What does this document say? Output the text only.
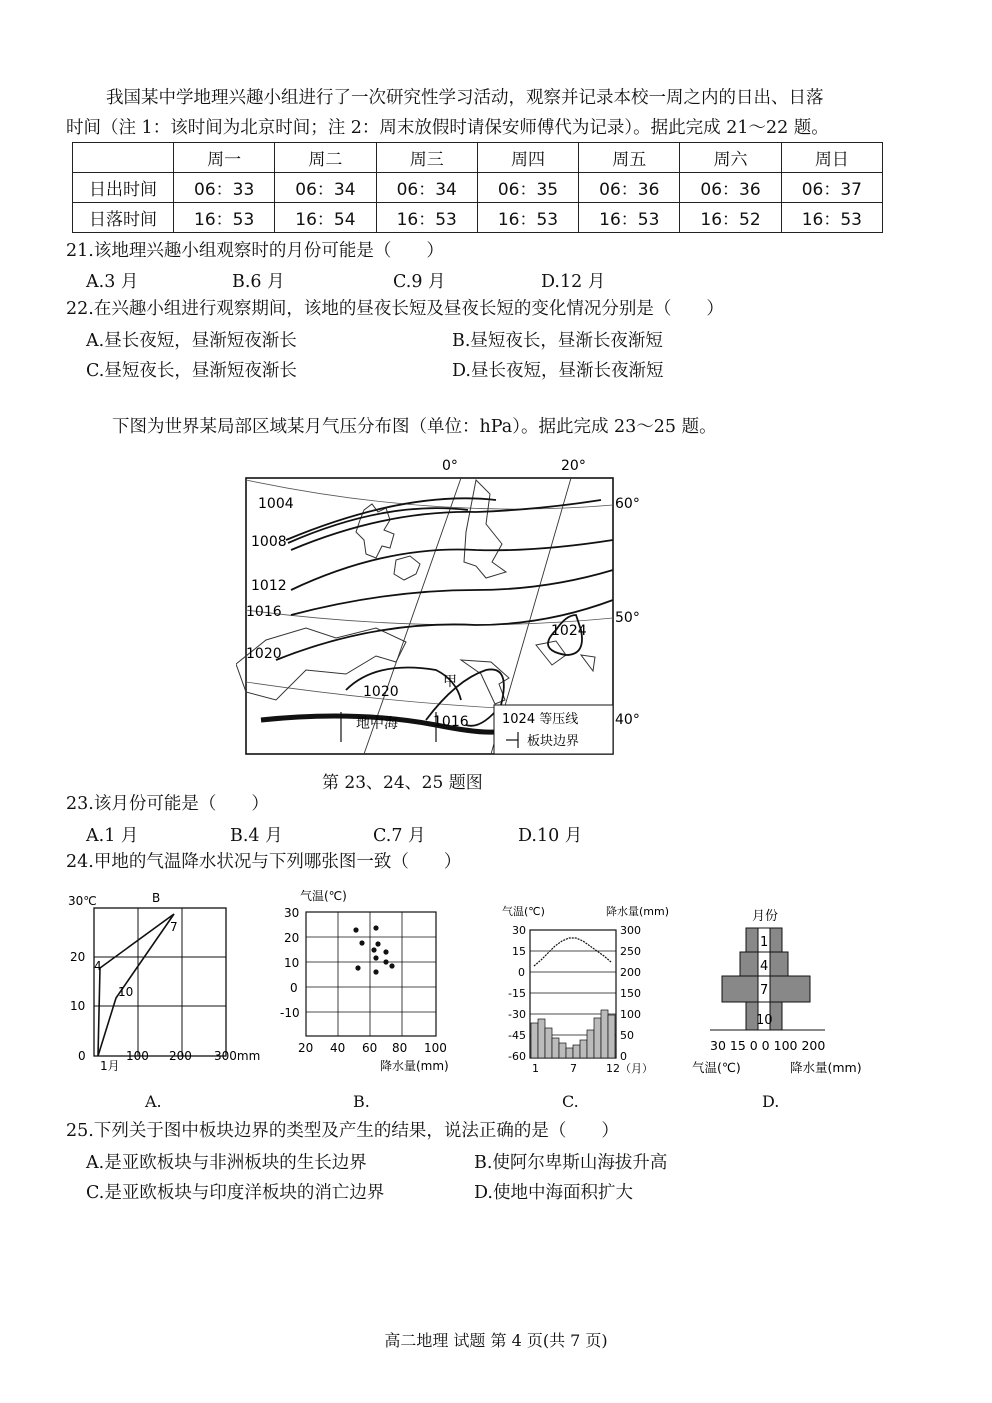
我国某中学地理兴趣小组进行了一次研究性学习活动，观察并记录本校一周之内的日出、日落
时间（注 1：该时间为北京时间；注 2：周末放假时请保安师傅代为记录）。据此完成 21～22 题。
	周一	周二	周三	周四	周五	周六	周日
日出时间	06：33	06：34	06：34	06：35	06：36	06：36	06：37
日落时间	16：53	16：54	16：53	16：53	16：53	16：52	16：53
21.该地理兴趣小组观察时的月份可能是（　　）
A.3 月	B.6 月	C.9 月	D.12 月
22.在兴趣小组进行观察期间，该地的昼夜长短及昼夜长短的变化情况分别是（　　）
A.昼长夜短，昼渐短夜渐长	B.昼短夜长，昼渐长夜渐短
C.昼短夜长，昼渐短夜渐长	D.昼长夜短，昼渐长夜渐短
下图为世界某局部区域某月气压分布图（单位：hPa）。据此完成 23～25 题。
0°	20°
60°
50°
40°
1004
1008
1012
1016
1020
1024
1020
1016
甲
地中海	1024 等压线
板块边界
第 23、24、25 题图
23.该月份可能是（　　）
A.1 月	B.4 月	C.7 月	D.10 月
24.甲地的气温降水状况与下列哪张图一致（　　）
30℃	B
20
10
0	100 200 300mm
4
7
10
1月
气温(℃)
30
20
10
0
-10
20 40 60 80 100
降水量(mm)
气温(℃)	降水量(mm)
30
15
0
-15
-30
-45
-60
300
250
200
150
100
50
0
1	7	12（月）
月份
1
4
7
10
30 15 0 0 100 200
气温(℃)	降水量(mm)
A.	B.	C.	D.
25.下列关于图中板块边界的类型及产生的结果，说法正确的是（　　）
A.是亚欧板块与非洲板块的生长边界	B.使阿尔卑斯山海拔升高
C.是亚欧板块与印度洋板块的消亡边界	D.使地中海面积扩大
高二地理 试题 第 4 页(共 7 页)
